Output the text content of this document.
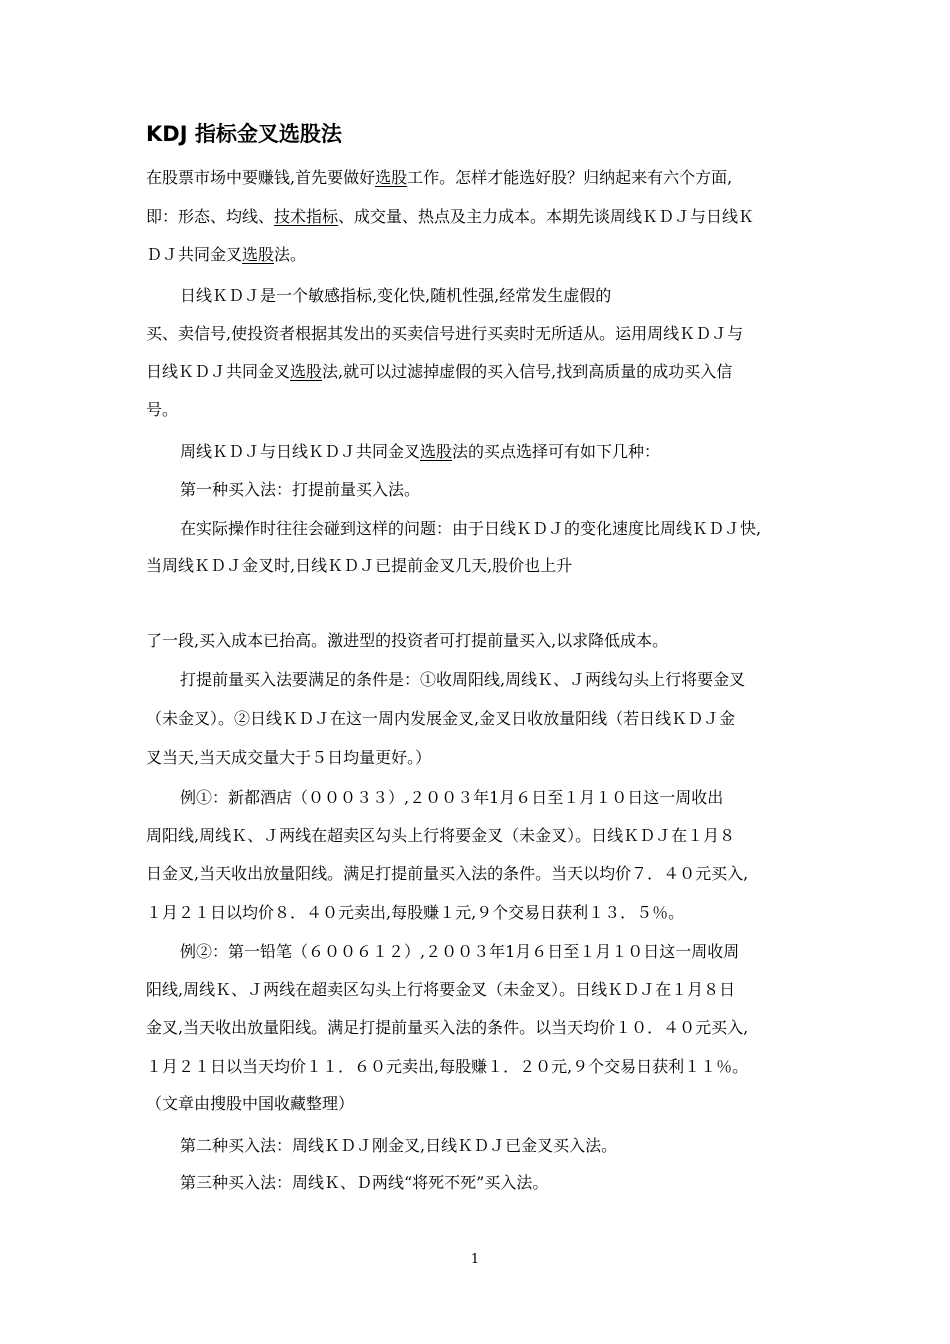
KDJ 指标金叉选股法
在股票市场中要赚钱,首先要做好选股工作。怎样才能选好股？归纳起来有六个方面,
即：形态、均线、技术指标、成交量、热点及主力成本。本期先谈周线ＫＤＪ与日线Ｋ
ＤＪ共同金叉选股法。
日线ＫＤＪ是一个敏感指标,变化快,随机性强,经常发生虚假的
买、卖信号,使投资者根据其发出的买卖信号进行买卖时无所适从。运用周线ＫＤＪ与
日线ＫＤＪ共同金叉选股法,就可以过滤掉虚假的买入信号,找到高质量的成功买入信
号。
周线ＫＤＪ与日线ＫＤＪ共同金叉选股法的买点选择可有如下几种：
第一种买入法：打提前量买入法。
在实际操作时往往会碰到这样的问题：由于日线ＫＤＪ的变化速度比周线ＫＤＪ快,
当周线ＫＤＪ金叉时,日线ＫＤＪ已提前金叉几天,股价也上升
了一段,买入成本已抬高。激进型的投资者可打提前量买入,以求降低成本。
打提前量买入法要满足的条件是：①收周阳线,周线Ｋ、Ｊ两线勾头上行将要金叉
（未金叉）。②日线ＫＤＪ在这一周内发展金叉,金叉日收放量阳线（若日线ＫＤＪ金
叉当天,当天成交量大于５日均量更好。）
例①：新都酒店（０００３３）,２００３年1月６日至１月１０日这一周收出
周阳线,周线Ｋ、Ｊ两线在超卖区勾头上行将要金叉（未金叉）。日线ＫＤＪ在１月８
日金叉,当天收出放量阳线。满足打提前量买入法的条件。当天以均价７．４０元买入,
１月２１日以均价８．４０元卖出,每股赚１元,９个交易日获利１３．５％。
例②：第一铅笔（６００６１２）,２００３年1月６日至１月１０日这一周收周
阳线,周线Ｋ、Ｊ两线在超卖区勾头上行将要金叉（未金叉）。日线ＫＤＪ在１月８日
金叉,当天收出放量阳线。满足打提前量买入法的条件。以当天均价１０．４０元买入,
１月２１日以当天均价１１．６０元卖出,每股赚１．２０元,９个交易日获利１１％。
（文章由搜股中国收藏整理）
第二种买入法：周线ＫＤＪ刚金叉,日线ＫＤＪ已金叉买入法。
第三种买入法：周线Ｋ、Ｄ两线“将死不死”买入法。
1
